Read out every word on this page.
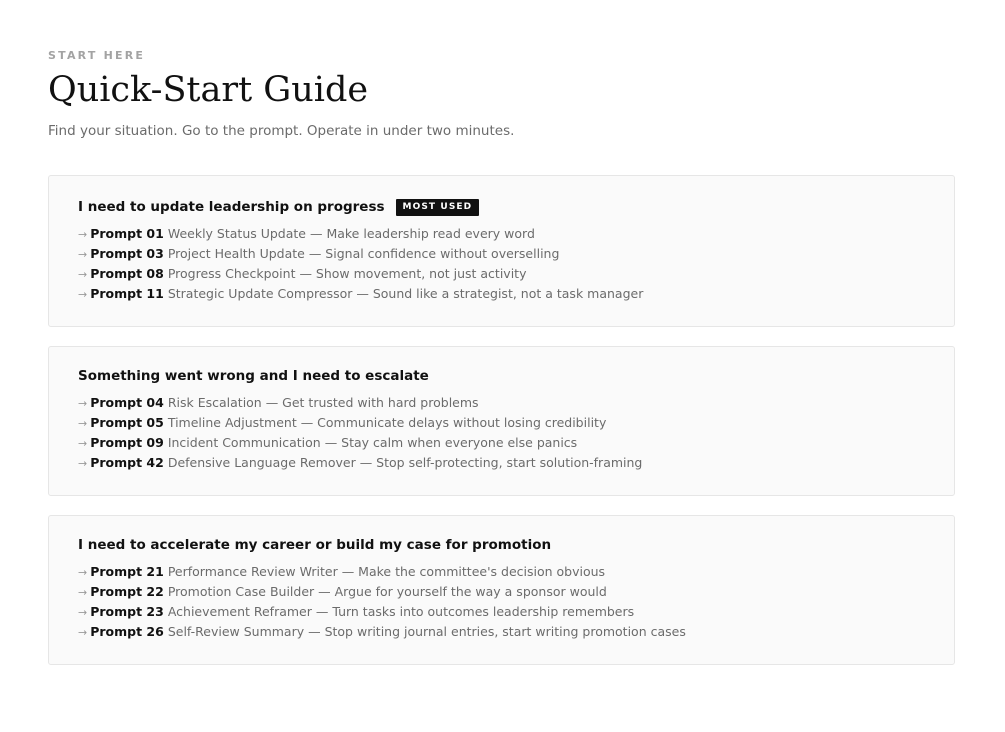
START HERE
Quick-Start Guide
Find your situation. Go to the prompt. Operate in under two minutes.
I need to update leadership on progress	MOST USED
→ Prompt 01 Weekly Status Update — Make leadership read every word
→ Prompt 03 Project Health Update — Signal confidence without overselling
→ Prompt 08 Progress Checkpoint — Show movement, not just activity
→ Prompt 11 Strategic Update Compressor — Sound like a strategist, not a task manager
Something went wrong and I need to escalate
→ Prompt 04 Risk Escalation — Get trusted with hard problems
→ Prompt 05 Timeline Adjustment — Communicate delays without losing credibility
→ Prompt 09 Incident Communication — Stay calm when everyone else panics
→ Prompt 42 Defensive Language Remover — Stop self-protecting, start solution-framing
I need to accelerate my career or build my case for promotion
→ Prompt 21 Performance Review Writer — Make the committee's decision obvious
→ Prompt 22 Promotion Case Builder — Argue for yourself the way a sponsor would
→ Prompt 23 Achievement Reframer — Turn tasks into outcomes leadership remembers
→ Prompt 26 Self-Review Summary — Stop writing journal entries, start writing promotion cases
